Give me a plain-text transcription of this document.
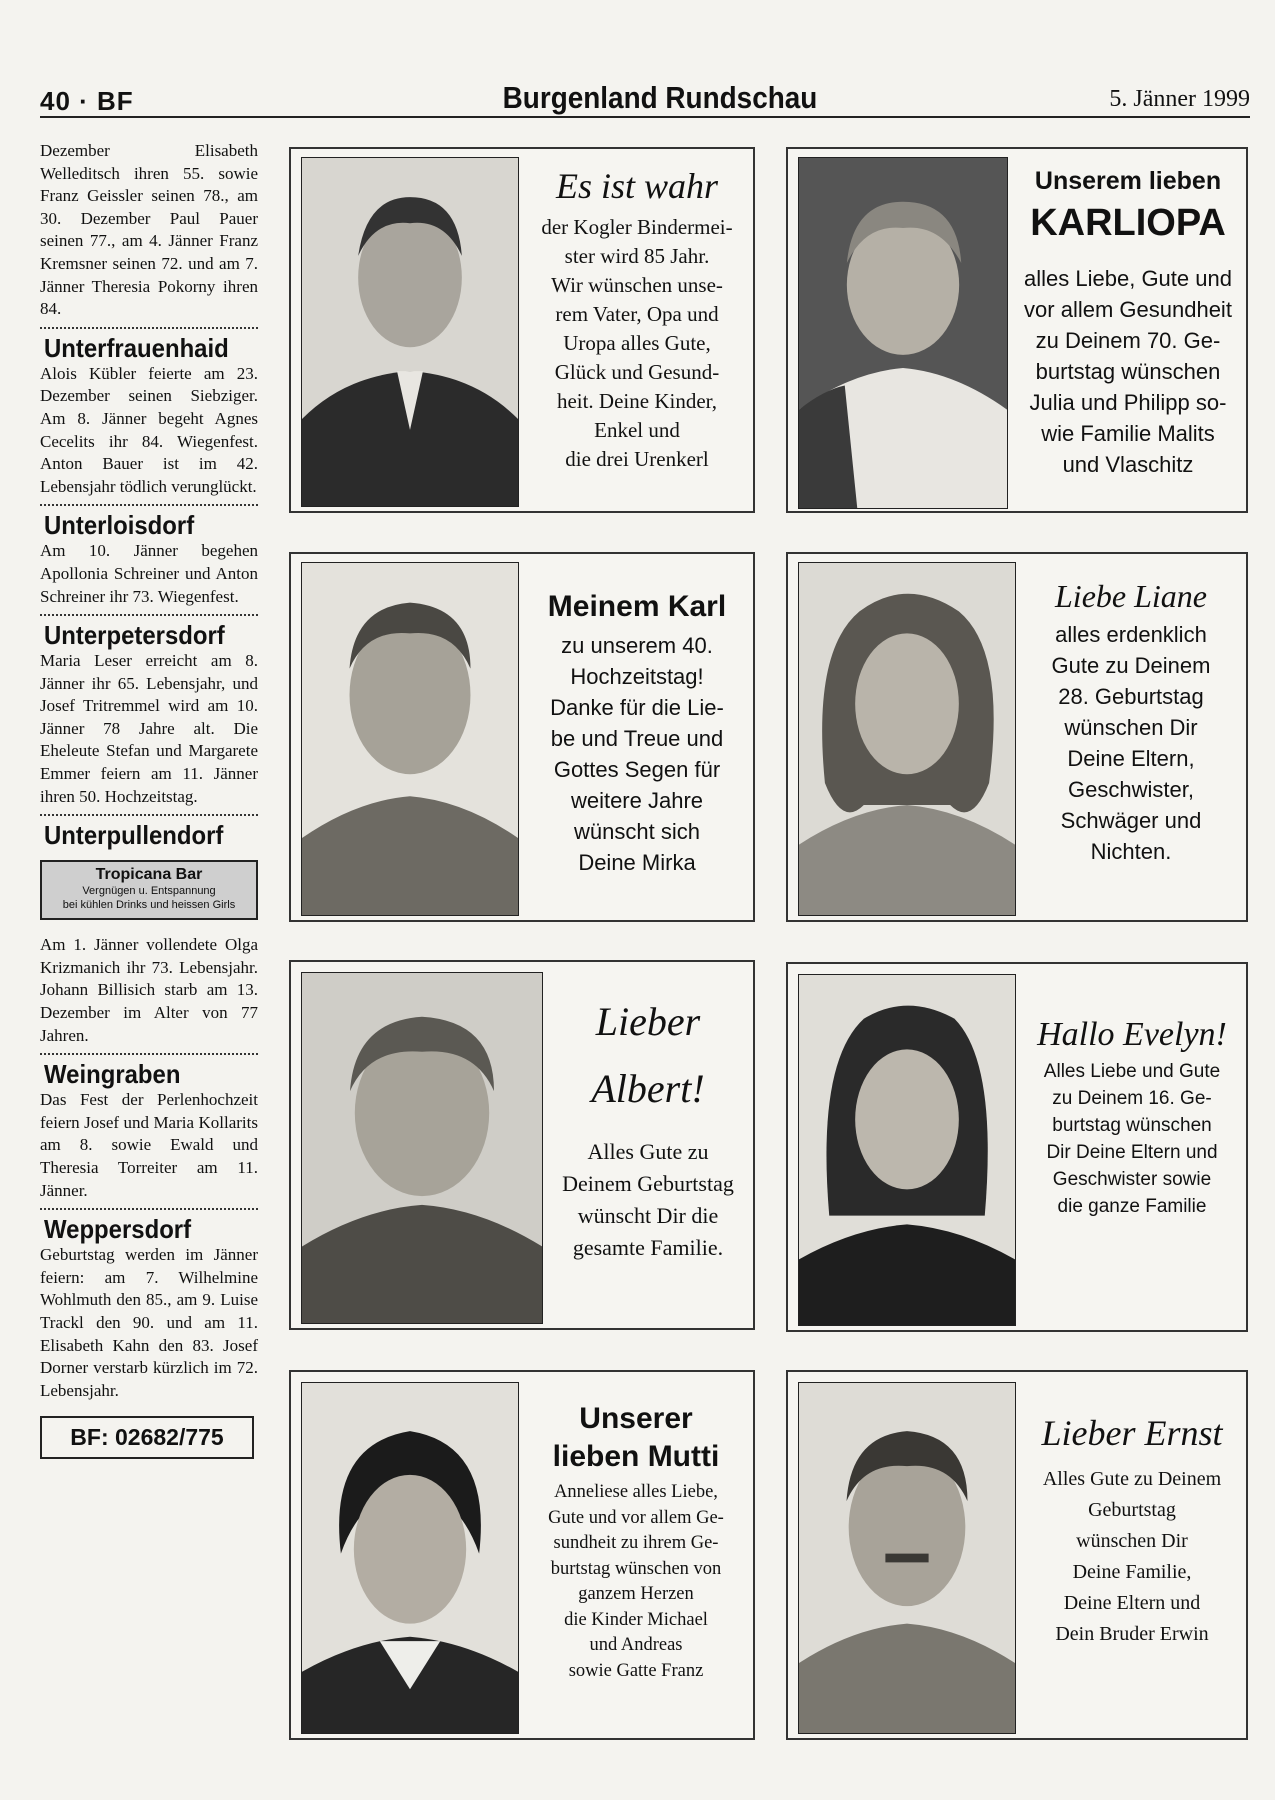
40 · BF	Burgenland Rundschau	5. Jänner 1999

Dezember Elisabeth Welleditsch ihren 55. sowie Franz Geissler seinen 78., am 30. Dezember Paul Pauer seinen 77., am 4. Jänner Franz Kremsner seinen 72. und am 7. Jänner Theresia Pokorny ihren 84.

Unterfrauenhaid

Alois Kübler feierte am 23. Dezember seinen Siebziger. Am 8. Jänner begeht Agnes Cecelits ihr 84. Wiegenfest. Anton Bauer ist im 42. Lebensjahr tödlich verunglückt.

Unterloisdorf

Am 10. Jänner begehen Apollonia Schreiner und Anton Schreiner ihr 73. Wiegenfest.

Unterpetersdorf

Maria Leser erreicht am 8. Jänner ihr 65. Lebensjahr, und Josef Tritremmel wird am 10. Jänner 78 Jahre alt. Die Eheleute Stefan und Margarete Emmer feiern am 11. Jänner ihren 50. Hochzeitstag.

Unterpullendorf
Tropicana Bar
Vergnügen u. Entspannung
bei kühlen Drinks und heissen Girls

Am 1. Jänner vollendete Olga Krizmanich ihr 73. Lebensjahr. Johann Billisich starb am 13. Dezember im Alter von 77 Jahren.

Weingraben

Das Fest der Perlenhochzeit feiern Josef und Maria Kollarits am 8. sowie Ewald und Theresia Torreiter am 11. Jänner.

Weppersdorf

Geburtstag werden im Jänner feiern: am 7. Wilhelmine Wohlmuth den 85., am 9. Luise Trackl den 90. und am 11. Elisabeth Kahn den 83. Josef Dorner verstarb kürzlich im 72. Lebensjahr.

BF: 02682/775

Es ist wahr

der Kogler Bindermei-

ster wird 85 Jahr.

Wir wünschen unse-

rem Vater, Opa und

Uropa alles Gute,

Glück und Gesund-

heit. Deine Kinder,

Enkel und

die drei Urenkerl

Unserem lieben

KARLIOPA

alles Liebe, Gute und

vor allem Gesundheit

zu Deinem 70. Ge-

burtstag wünschen

Julia und Philipp so-

wie Familie Malits

und Vlaschitz

Meinem Karl

zu unserem 40.

Hochzeitstag!

Danke für die Lie-

be und Treue und

Gottes Segen für

weitere Jahre

wünscht sich

Deine Mirka

Liebe Liane

alles erdenklich

Gute zu Deinem

28. Geburtstag

wünschen Dir

Deine Eltern,

Geschwister,

Schwäger und

Nichten.

Lieber

Albert!

Alles Gute zu

Deinem Geburtstag

wünscht Dir die

gesamte Familie.

Hallo Evelyn!

Alles Liebe und Gute

zu Deinem 16. Ge-

burtstag wünschen

Dir Deine Eltern und

Geschwister sowie

die ganze Familie

Unserer

lieben Mutti

Anneliese alles Liebe,

Gute und vor allem Ge-

sundheit zu ihrem Ge-

burtstag wünschen von

ganzem Herzen

die Kinder Michael

und Andreas

sowie Gatte Franz

Lieber Ernst

Alles Gute zu Deinem

Geburtstag

wünschen Dir

Deine Familie,

Deine Eltern und

Dein Bruder Erwin
